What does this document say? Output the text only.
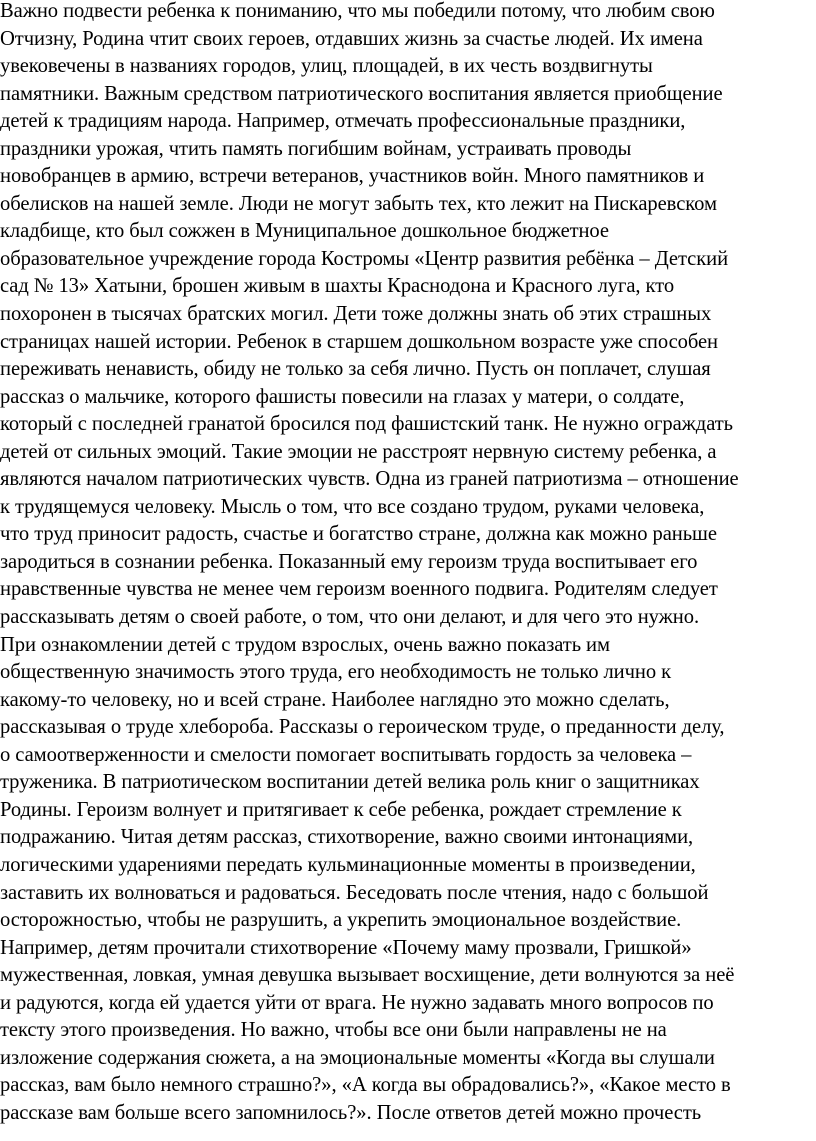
Важно подвести ребенка к пониманию, что мы победили потому, что любим свою
Отчизну, Родина чтит своих героев, отдавших жизнь за счастье людей. Их имена
увековечены в названиях городов, улиц, площадей, в их честь воздвигнуты
памятники. Важным средством патриотического воспитания является приобщение
детей к традициям народа. Например, отмечать профессиональные праздники,
праздники урожая, чтить память погибшим войнам, устраивать проводы
новобранцев в армию, встречи ветеранов, участников войн. Много памятников и
обелисков на нашей земле. Люди не могут забыть тех, кто лежит на Пискаревском
кладбище, кто был сожжен в Муниципальное дошкольное бюджетное
образовательное учреждение города Костромы «Центр развития ребёнка – Детский
сад № 13» Хатыни, брошен живым в шахты Краснодона и Красного луга, кто
похоронен в тысячах братских могил. Дети тоже должны знать об этих страшных
страницах нашей истории. Ребенок в старшем дошкольном возрасте уже способен
переживать ненависть, обиду не только за себя лично. Пусть он поплачет, слушая
рассказ о мальчике, которого фашисты повесили на глазах у матери, о солдате,
который с последней гранатой бросился под фашистский танк. Не нужно ограждать
детей от сильных эмоций. Такие эмоции не расстроят нервную систему ребенка, а
являются началом патриотических чувств. Одна из граней патриотизма – отношение
к трудящемуся человеку. Мысль о том, что все создано трудом, руками человека,
что труд приносит радость, счастье и богатство стране, должна как можно раньше
зародиться в сознании ребенка. Показанный ему героизм труда воспитывает его
нравственные чувства не менее чем героизм военного подвига. Родителям следует
рассказывать детям о своей работе, о том, что они делают, и для чего это нужно.
При ознакомлении детей с трудом взрослых, очень важно показать им
общественную значимость этого труда, его необходимость не только лично к
какому-то человеку, но и всей стране. Наиболее наглядно это можно сделать,
рассказывая о труде хлебороба. Рассказы о героическом труде, о преданности делу,
о самоотверженности и смелости помогает воспитывать гордость за человека –
труженика. В патриотическом воспитании детей велика роль книг о защитниках
Родины. Героизм волнует и притягивает к себе ребенка, рождает стремление к
подражанию. Читая детям рассказ, стихотворение, важно своими интонациями,
логическими ударениями передать кульминационные моменты в произведении,
заставить их волноваться и радоваться. Беседовать после чтения, надо с большой
осторожностью, чтобы не разрушить, а укрепить эмоциональное воздействие.
Например, детям прочитали стихотворение «Почему маму прозвали, Гришкой»
мужественная, ловкая, умная девушка вызывает восхищение, дети волнуются за неё
и радуются, когда ей удается уйти от врага. Не нужно задавать много вопросов по
тексту этого произведения. Но важно, чтобы все они были направлены не на
изложение содержания сюжета, а на эмоциональные моменты «Когда вы слушали
рассказ, вам было немного страшно?», «А когда вы обрадовались?», «Какое место в
рассказе вам больше всего запомнилось?». После ответов детей можно прочесть
